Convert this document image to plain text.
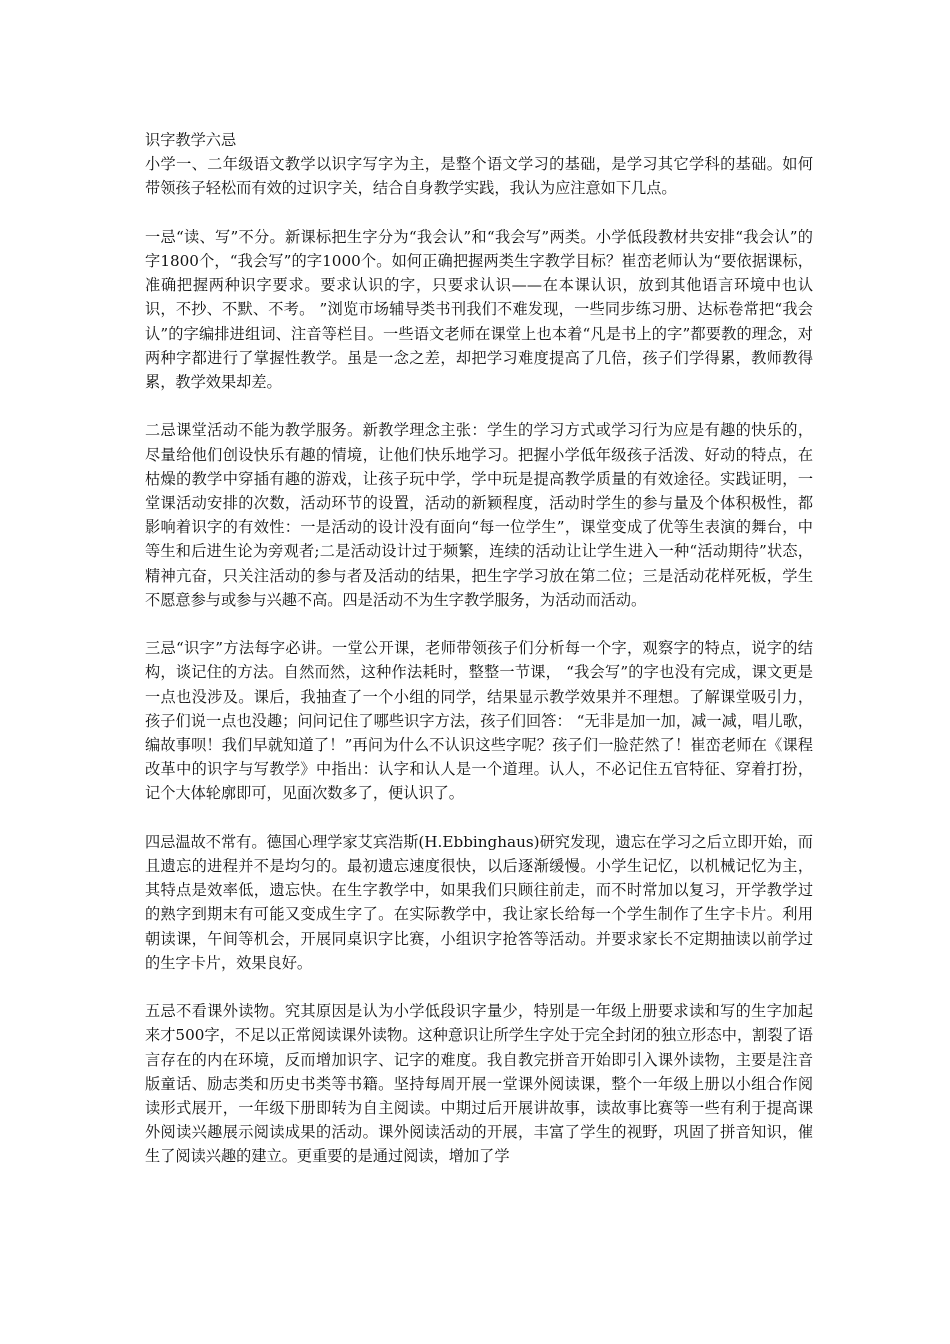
识字教学六忌

小学一、二年级语文教学以识字写字为主，是整个语文学习的基础，是学习其它学科的基础。如何带领孩子轻松而有效的过识字关，结合自身教学实践，我认为应注意如下几点。

一忌“读、写”不分。新课标把生字分为“我会认”和“我会写”两类。小学低段教材共安排“我会认”的字1800个，“我会写”的字1000个。如何正确把握两类生字教学目标？崔峦老师认为“要依据课标，准确把握两种识字要求。要求认识的字，只要求认识——在本课认识，放到其他语言环境中也认识，不抄、不默、不考。 ”浏览市场辅导类书刊我们不难发现，一些同步练习册、达标卷常把“我会认”的字编排进组词、注音等栏目。一些语文老师在课堂上也本着“凡是书上的字”都要教的理念，对两种字都进行了掌握性教学。虽是一念之差，却把学习难度提高了几倍，孩子们学得累，教师教得累，教学效果却差。

二忌课堂活动不能为教学服务。新教学理念主张：学生的学习方式或学习行为应是有趣的快乐的，尽量给他们创设快乐有趣的情境，让他们快乐地学习。把握小学低年级孩子活泼、好动的特点，在枯燥的教学中穿插有趣的游戏，让孩子玩中学，学中玩是提高教学质量的有效途径。实践证明，一堂课活动安排的次数，活动环节的设置，活动的新颖程度，活动时学生的参与量及个体积极性，都影响着识字的有效性：一是活动的设计没有面向“每一位学生”，课堂变成了优等生表演的舞台，中等生和后进生论为旁观者;二是活动设计过于频繁，连续的活动让让学生进入一种“活动期待”状态，精神亢奋，只关注活动的参与者及活动的结果，把生字学习放在第二位；三是活动花样死板，学生不愿意参与或参与兴趣不高。四是活动不为生字教学服务，为活动而活动。

三忌“识字”方法每字必讲。一堂公开课，老师带领孩子们分析每一个字，观察字的特点，说字的结构，谈记住的方法。自然而然，这种作法耗时，整整一节课， “我会写”的字也没有完成，课文更是一点也没涉及。课后，我抽查了一个小组的同学，结果显示教学效果并不理想。了解课堂吸引力，孩子们说一点也没趣；问问记住了哪些识字方法，孩子们回答： “无非是加一加，减一减，唱儿歌，编故事呗！我们早就知道了！”再问为什么不认识这些字呢？孩子们一脸茫然了！崔峦老师在《课程改革中的识字与写教学》中指出：认字和认人是一个道理。认人，不必记住五官特征、穿着打扮，记个大体轮廓即可，见面次数多了，便认识了。

四忌温故不常有。德国心理学家艾宾浩斯(H.Ebbinghaus)研究发现，遗忘在学习之后立即开始，而且遗忘的进程并不是均匀的。最初遗忘速度很快，以后逐渐缓慢。小学生记忆，以机械记忆为主，其特点是效率低，遗忘快。在生字教学中，如果我们只顾往前走，而不时常加以复习，开学教学过的熟字到期末有可能又变成生字了。在实际教学中，我让家长给每一个学生制作了生字卡片。利用朝读课，午间等机会，开展同桌识字比赛，小组识字抢答等活动。并要求家长不定期抽读以前学过的生字卡片，效果良好。

五忌不看课外读物。究其原因是认为小学低段识字量少，特别是一年级上册要求读和写的生字加起来才500字，不足以正常阅读课外读物。这种意识让所学生字处于完全封闭的独立形态中，割裂了语言存在的内在环境，反而增加识字、记字的难度。我自教完拼音开始即引入课外读物，主要是注音版童话、励志类和历史书类等书籍。坚持每周开展一堂课外阅读课，整个一年级上册以小组合作阅读形式展开，一年级下册即转为自主阅读。中期过后开展讲故事，读故事比赛等一些有利于提高课外阅读兴趣展示阅读成果的活动。课外阅读活动的开展，丰富了学生的视野，巩固了拼音知识，催生了阅读兴趣的建立。更重要的是通过阅读，增加了学
